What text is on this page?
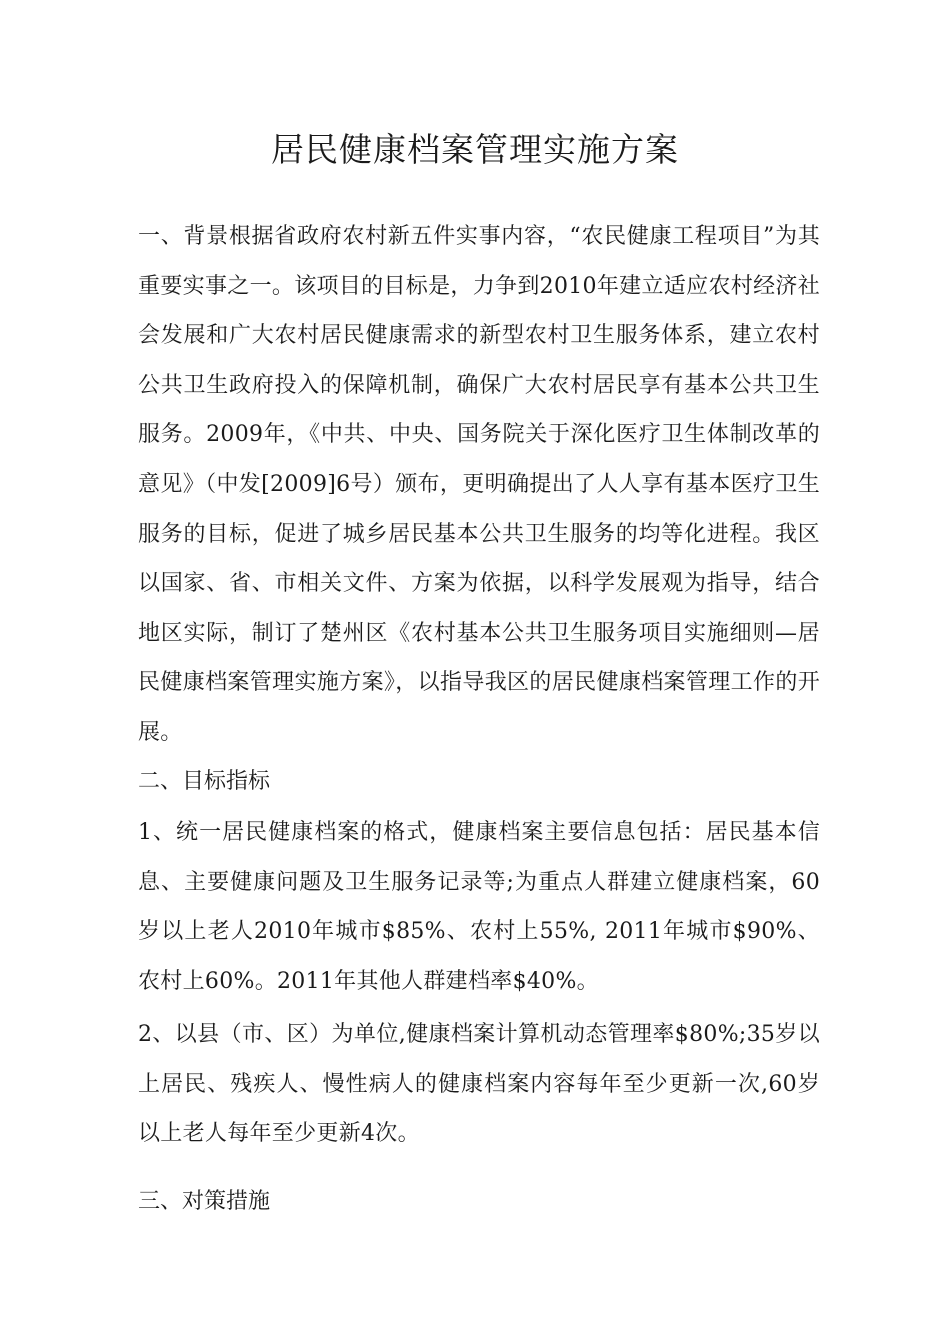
居民健康档案管理实施方案

一、背景根据省政府农村新五件实事内容，“农民健康工程项目”为其重要实事之一。该项目的目标是，力争到2010年建立适应农村经济社会发展和广大农村居民健康需求的新型农村卫生服务体系，建立农村公共卫生政府投入的保障机制，确保广大农村居民享有基本公共卫生服务。2009年，《中共、中央、国务院关于深化医疗卫生体制改革的意见》（中发[2009]6号）颁布，更明确提出了人人享有基本医疗卫生服务的目标，促进了城乡居民基本公共卫生服务的均等化进程。我区以国家、省、市相关文件、方案为依据，以科学发展观为指导，结合地区实际，制订了楚州区《农村基本公共卫生服务项目实施细则—居民健康档案管理实施方案》，以指导我区的居民健康档案管理工作的开展。

二、目标指标

1、统一居民健康档案的格式，健康档案主要信息包括：居民基本信息、主要健康问题及卫生服务记录等;为重点人群建立健康档案，60岁以上老人2010年城市$85%、农村上55%, 2011年城市$90%、农村上60%。2011年其他人群建档率$40%。

2、以县（市、区）为单位,健康档案计算机动态管理率$80%;35岁以上居民、残疾人、慢性病人的健康档案内容每年至少更新一次,60岁以上老人每年至少更新4次。

三、对策措施
